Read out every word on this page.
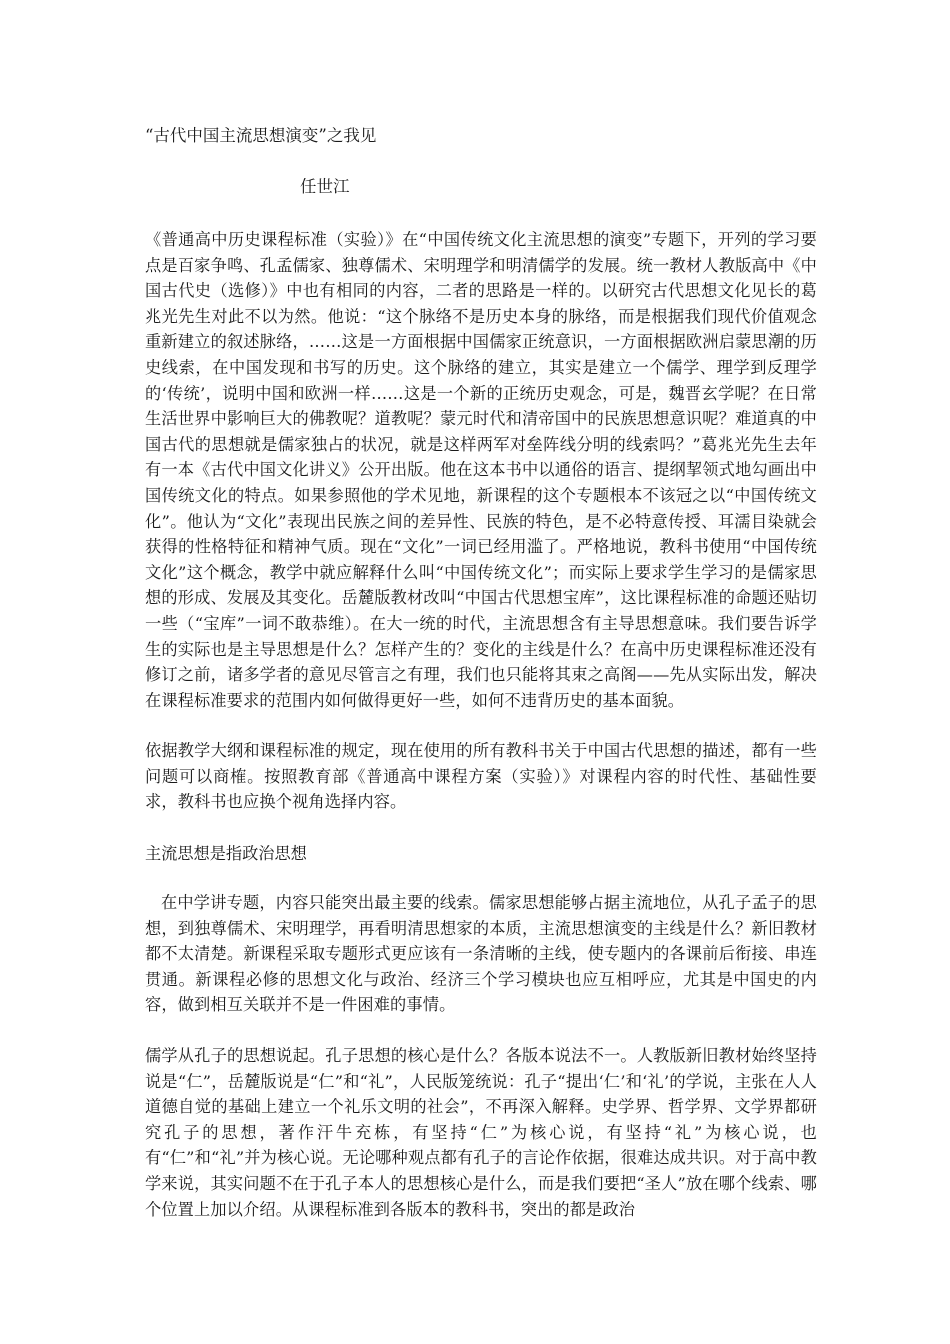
“古代中国主流思想演变”之我见
任世江

《普通高中历史课程标准（实验）》在“中国传统文化主流思想的演变”专题下，开列的学习要点是百家争鸣、孔孟儒家、独尊儒术、宋明理学和明清儒学的发展。统一教材人教版高中《中国古代史（选修）》中也有相同的内容，二者的思路是一样的。以研究古代思想文化见长的葛兆光先生对此不以为然。他说：“这个脉络不是历史本身的脉络，而是根据我们现代价值观念重新建立的叙述脉络，……这是一方面根据中国儒家正统意识，一方面根据欧洲启蒙思潮的历史线索，在中国发现和书写的历史。这个脉络的建立，其实是建立一个儒学、理学到反理学的‘传统’，说明中国和欧洲一样……这是一个新的正统历史观念，可是，魏晋玄学呢？在日常生活世界中影响巨大的佛教呢？道教呢？蒙元时代和清帝国中的民族思想意识呢？难道真的中国古代的思想就是儒家独占的状况，就是这样两军对垒阵线分明的线索吗？”葛兆光先生去年有一本《古代中国文化讲义》公开出版。他在这本书中以通俗的语言、提纲挈领式地勾画出中国传统文化的特点。如果参照他的学术见地，新课程的这个专题根本不该冠之以“中国传统文化”。他认为“文化”表现出民族之间的差异性、民族的特色，是不必特意传授、耳濡目染就会获得的性格特征和精神气质。现在“文化”一词已经用滥了。严格地说，教科书使用“中国传统文化”这个概念，教学中就应解释什么叫“中国传统文化”；而实际上要求学生学习的是儒家思想的形成、发展及其变化。岳麓版教材改叫“中国古代思想宝库”，这比课程标准的命题还贴切一些（“宝库”一词不敢恭维）。在大一统的时代，主流思想含有主导思想意味。我们要告诉学生的实际也是主导思想是什么？怎样产生的？变化的主线是什么？在高中历史课程标准还没有修订之前，诸多学者的意见尽管言之有理，我们也只能将其束之高阁——先从实际出发，解决在课程标准要求的范围内如何做得更好一些，如何不违背历史的基本面貌。

依据教学大纲和课程标准的规定，现在使用的所有教科书关于中国古代思想的描述，都有一些问题可以商榷。按照教育部《普通高中课程方案（实验）》对课程内容的时代性、基础性要求，教科书也应换个视角选择内容。

主流思想是指政治思想

在中学讲专题，内容只能突出最主要的线索。儒家思想能够占据主流地位，从孔子孟子的思想，到独尊儒术、宋明理学，再看明清思想家的本质，主流思想演变的主线是什么？新旧教材都不太清楚。新课程采取专题形式更应该有一条清晰的主线，使专题内的各课前后衔接、串连贯通。新课程必修的思想文化与政治、经济三个学习模块也应互相呼应，尤其是中国史的内容，做到相互关联并不是一件困难的事情。

儒学从孔子的思想说起。孔子思想的核心是什么？各版本说法不一。人教版新旧教材始终坚持说是“仁”，岳麓版说是“仁”和“礼”，人民版笼统说：孔子“提出‘仁’和‘礼’的学说，主张在人人道德自觉的基础上建立一个礼乐文明的社会”，不再深入解释。史学界、哲学界、文学界都研究孔子的思想，著作汗牛充栋，有坚持“仁”为核心说，有坚持“礼”为核心说，也有“仁”和“礼”并为核心说。无论哪种观点都有孔子的言论作依据，很难达成共识。对于高中教学来说，其实问题不在于孔子本人的思想核心是什么，而是我们要把“圣人”放在哪个线索、哪个位置上加以介绍。从课程标准到各版本的教科书，突出的都是政治
